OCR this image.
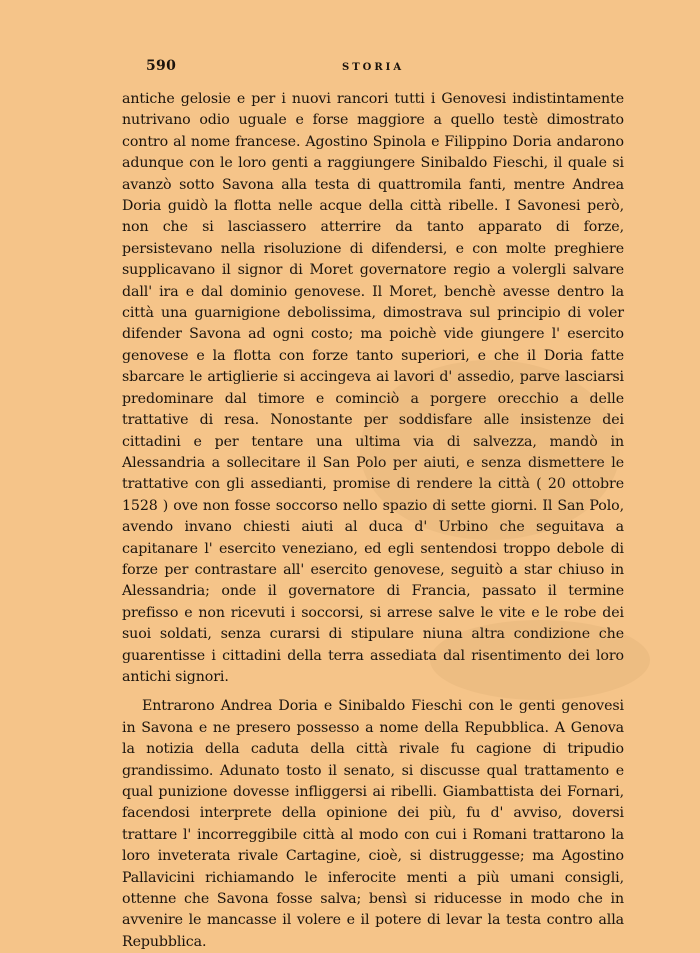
590	STORIA

antiche gelosie e per i nuovi rancori tutti i Genovesi indistintamente nutrivano odio uguale e forse maggiore a quello testè dimostrato contro al nome francese. Agostino Spinola e Filippino Doria andarono adunque con le loro genti a raggiungere Sinibaldo Fieschi, il quale si avanzò sotto Savona alla testa di quattromila fanti, mentre Andrea Doria guidò la flotta nelle acque della città ribelle. I Savonesi però, non che si lasciassero atterrire da tanto apparato di forze, persistevano nella risoluzione di difendersi, e con molte preghiere supplicavano il signor di Moret governatore regio a volergli salvare dall' ira e dal dominio genovese. Il Moret, benchè avesse dentro la città una guarnigione debolissima, dimostrava sul principio di voler difender Savona ad ogni costo; ma poichè vide giungere l' esercito genovese e la flotta con forze tanto superiori, e che il Doria fatte sbarcare le artiglierie si accingeva ai lavori d' assedio, parve lasciarsi predominare dal timore e cominciò a porgere orecchio a delle trattative di resa. Nonostante per soddisfare alle insistenze dei cittadini e per tentare una ultima via di salvezza, mandò in Alessandria a sollecitare il San Polo per aiuti, e senza dismettere le trattative con gli assedianti, promise di rendere la città ( 20 ottobre 1528 ) ove non fosse soccorso nello spazio di sette giorni. Il San Polo, avendo invano chiesti aiuti al duca d' Urbino che seguitava a capitanare l' esercito veneziano, ed egli sentendosi troppo debole di forze per contrastare all' esercito genovese, seguitò a star chiuso in Alessandria; onde il governatore di Francia, passato il termine prefisso e non ricevuti i soccorsi, si arrese salve le vite e le robe dei suoi soldati, senza curarsi di stipulare niuna altra condizione che guarentisse i cittadini della terra assediata dal risentimento dei loro antichi signori.

Entrarono Andrea Doria e Sinibaldo Fieschi con le genti genovesi in Savona e ne presero possesso a nome della Repubblica. A Genova la notizia della caduta della città rivale fu cagione di tripudio grandissimo. Adunato tosto il senato, si discusse qual trattamento e qual punizione dovesse infliggersi ai ribelli. Giambattista dei Fornari, facendosi interprete della opinione dei più, fu d' avviso, doversi trattare l' incorreggibile città al modo con cui i Romani trattarono la loro inveterata rivale Cartagine, cioè, si distruggesse; ma Agostino Pallavicini richiamando le inferocite menti a più umani consigli, ottenne che Savona fosse salva; bensì si riducesse in modo che in avvenire le mancasse il volere e il potere di levar la testa contro alla Repubblica.
